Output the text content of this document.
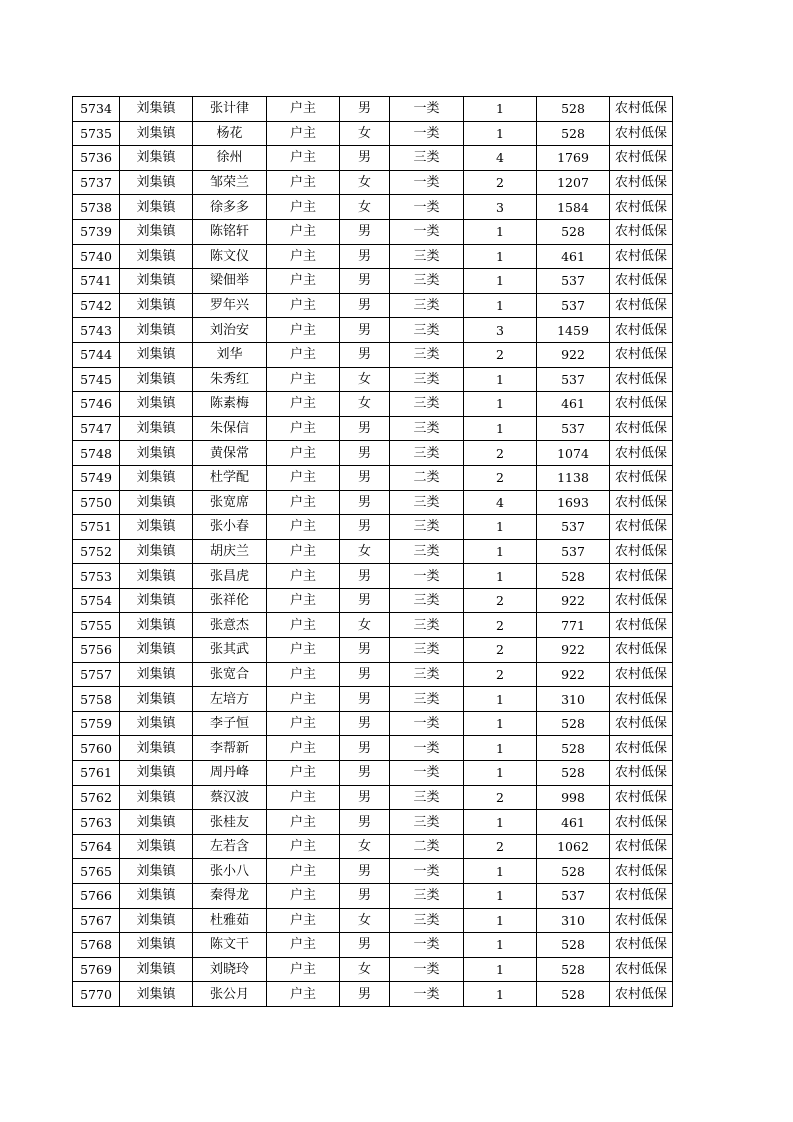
5734	刘集镇	张计律	户主	男	一类	1	528	农村低保
5735	刘集镇	杨花	户主	女	一类	1	528	农村低保
5736	刘集镇	徐州	户主	男	三类	4	1769	农村低保
5737	刘集镇	邹荣兰	户主	女	一类	2	1207	农村低保
5738	刘集镇	徐多多	户主	女	一类	3	1584	农村低保
5739	刘集镇	陈铭轩	户主	男	一类	1	528	农村低保
5740	刘集镇	陈文仪	户主	男	三类	1	461	农村低保
5741	刘集镇	梁佃举	户主	男	三类	1	537	农村低保
5742	刘集镇	罗年兴	户主	男	三类	1	537	农村低保
5743	刘集镇	刘治安	户主	男	三类	3	1459	农村低保
5744	刘集镇	刘华	户主	男	三类	2	922	农村低保
5745	刘集镇	朱秀红	户主	女	三类	1	537	农村低保
5746	刘集镇	陈素梅	户主	女	三类	1	461	农村低保
5747	刘集镇	朱保信	户主	男	三类	1	537	农村低保
5748	刘集镇	黄保常	户主	男	三类	2	1074	农村低保
5749	刘集镇	杜学配	户主	男	二类	2	1138	农村低保
5750	刘集镇	张宽席	户主	男	三类	4	1693	农村低保
5751	刘集镇	张小春	户主	男	三类	1	537	农村低保
5752	刘集镇	胡庆兰	户主	女	三类	1	537	农村低保
5753	刘集镇	张昌虎	户主	男	一类	1	528	农村低保
5754	刘集镇	张祥伦	户主	男	三类	2	922	农村低保
5755	刘集镇	张意杰	户主	女	三类	2	771	农村低保
5756	刘集镇	张其武	户主	男	三类	2	922	农村低保
5757	刘集镇	张宽合	户主	男	三类	2	922	农村低保
5758	刘集镇	左培方	户主	男	三类	1	310	农村低保
5759	刘集镇	李子恒	户主	男	一类	1	528	农村低保
5760	刘集镇	李帮新	户主	男	一类	1	528	农村低保
5761	刘集镇	周丹峰	户主	男	一类	1	528	农村低保
5762	刘集镇	蔡汉波	户主	男	三类	2	998	农村低保
5763	刘集镇	张桂友	户主	男	三类	1	461	农村低保
5764	刘集镇	左若含	户主	女	二类	2	1062	农村低保
5765	刘集镇	张小八	户主	男	一类	1	528	农村低保
5766	刘集镇	秦得龙	户主	男	三类	1	537	农村低保
5767	刘集镇	杜雅茹	户主	女	三类	1	310	农村低保
5768	刘集镇	陈文干	户主	男	一类	1	528	农村低保
5769	刘集镇	刘晓玲	户主	女	一类	1	528	农村低保
5770	刘集镇	张公月	户主	男	一类	1	528	农村低保
